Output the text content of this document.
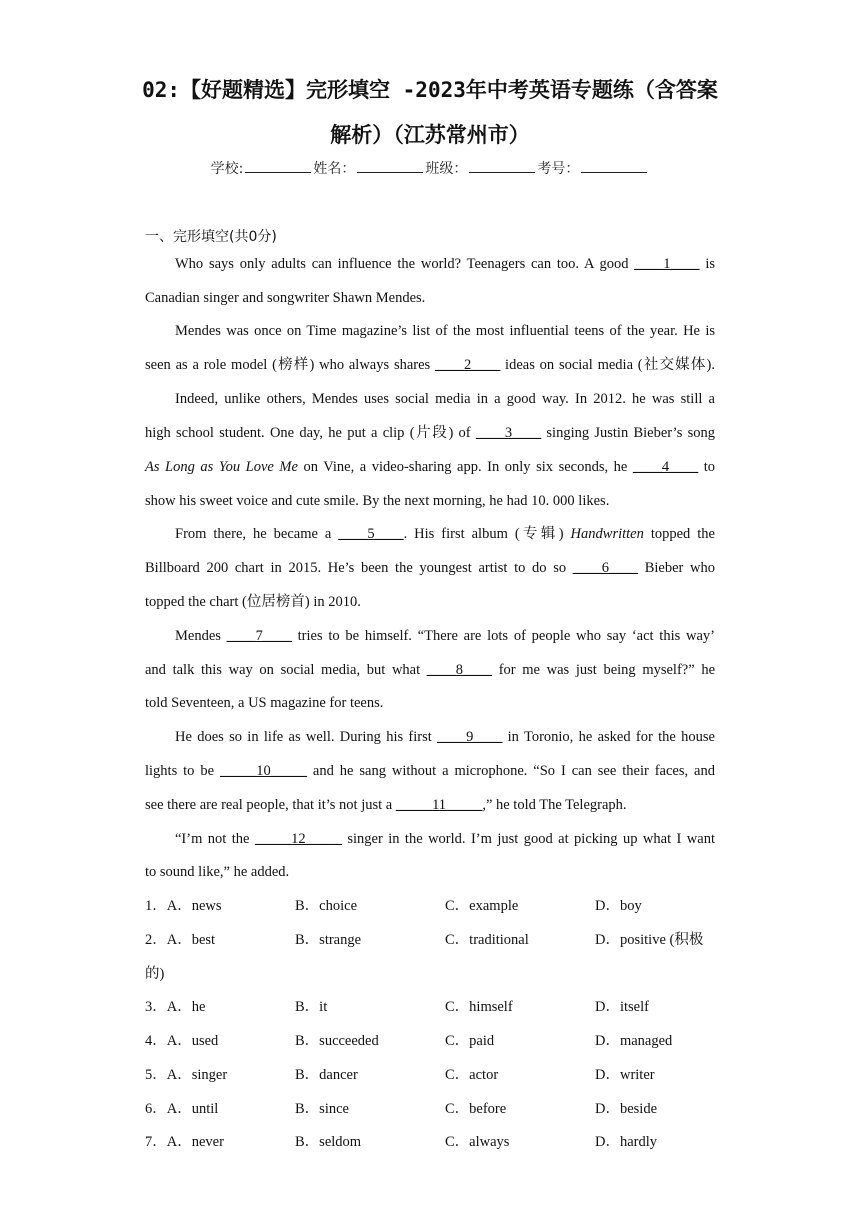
02:【好题精选】完形填空 -2023年中考英语专题练（含答案
解析）（江苏常州市）
学校:	姓名：	班级：	考号：
一、完形填空(共0分)
Who says only adults can influence the world? Teenagers can too. A good ____1____ is
Canadian singer and songwriter Shawn Mendes.
Mendes was once on Time magazine’s list of the most influential teens of the year. He is
seen as a role model (榜样) who always shares ____2____ ideas on social media (社交媒体).
Indeed, unlike others, Mendes uses social media in a good way. In 2012. he was still a
high school student. One day, he put a clip (片段) of ____3____ singing Justin Bieber’s song
As Long as You Love Me on Vine, a video-sharing app. In only six seconds, he ____4____ to
show his sweet voice and cute smile. By the next morning, he had 10. 000 likes.
From there, he became a ____5____. His first album (专辑) Handwritten topped the
Billboard 200 chart in 2015. He’s been the youngest artist to do so ____6____ Bieber who
topped the chart (位居榜首) in 2010.
Mendes ____7____ tries to be himself. “There are lots of people who say ‘act this way’
and talk this way on social media, but what ____8____ for me was just being myself?” he
told Seventeen, a US magazine for teens.
He does so in life as well. During his first ____9____ in Toronio, he asked for the house
lights to be _____10_____ and he sang without a microphone. “So I can see their faces, and
see there are real people, that it’s not just a _____11_____,” he told The Telegraph.
“I’m not the _____12_____ singer in the world. I’m just good at picking up what I want
to sound like,” he added.
1．A．news	B．choice	C．example	D．boy
2．A．best	B．strange	C．traditional	D．positive (积极
的)
3．A．he	B．it	C．himself	D．itself
4．A．used	B．succeeded	C．paid	D．managed
5．A．singer	B．dancer	C．actor	D．writer
6．A．until	B．since	C．before	D．beside
7．A．never	B．seldom	C．always	D．hardly
